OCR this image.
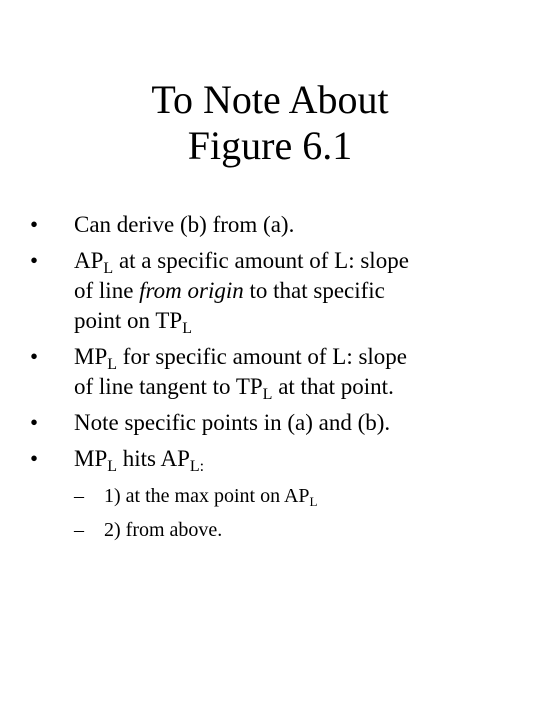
To Note About
Figure 6.1
• Can derive (b) from (a).
• $AP_L$ at a specific amount of L: slope
of line from origin to that specific
point on $TP_L$
• $MP_L$ for specific amount of L: slope
of line tangent to $TP_L$ at that point.
• Note specific points in (a) and (b).
• $MP_L$ hits $AP_{L:}$
– 1) at the max point on $AP_L$
– 2) from above.
